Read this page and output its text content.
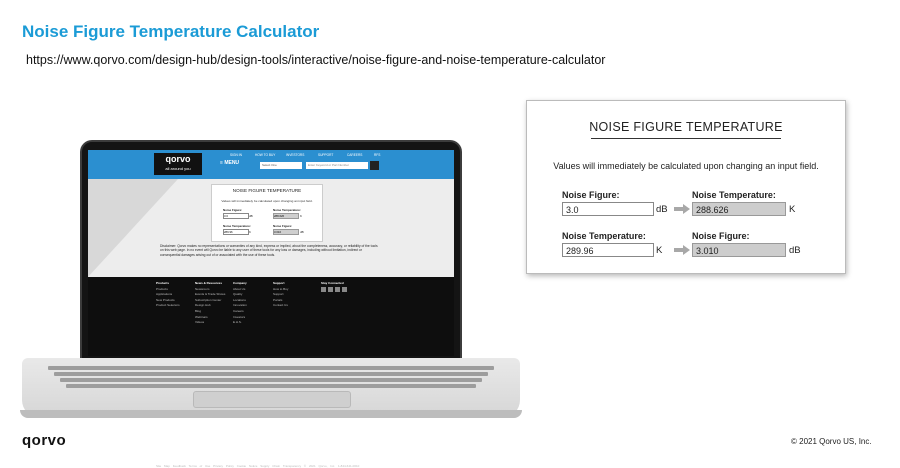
Noise Figure Temperature Calculator
https://www.qorvo.com/design-hub/design-tools/interactive/noise-figure-and-noise-temperature-calculator
qorvo
all around you
≡ MENU
SIGN IN	HOW TO BUY	INVESTORS	SUPPORT	CAREERS	RFS
Select One	Enter Keyword or Part Number
NOISE FIGURE TEMPERATURE
Values will immediately be calculated upon changing an input field.
Noise Figure:
3.0	dB
Noise Temperature:
288.626	K
Noise Temperature:
289.96	K
Noise Figure:
3.010	dB
Disclaimer: Qorvo makes no representations or warranties of any kind, express or implied, about the completeness, accuracy, or reliability of the tools on this web page. In no event will Qorvo be liable to any user of these tools for any loss or damages, including without limitation, indirect or consequential damages arising out of or associated with the use of these tools.
Products
Products
Applications
New Products
Product Selectors
News & Resources
Newsroom
Events & Trade Shows
Subscription Center
Design Hub
Blog
Webinars
Videos
Company
About Us
Quality
Locations
Innovation
Careers
Investors
E.H.S.
Support
How to Buy
Support
Portals
Contact Us
Stay Connected
Site Map Feedback Terms of Use Privacy Policy Cookie Notice Supply Chain Transparency © 2021 Qorvo, Inc. 1-844-641-0010
NOISE FIGURE TEMPERATURE
Values will immediately be calculated upon changing an input field.
Noise Figure:
3.0	dB
Noise Temperature:
288.626	K
Noise Temperature:
289.96	K
Noise Figure:
3.010	dB
qorvo	© 2021 Qorvo US, Inc.
